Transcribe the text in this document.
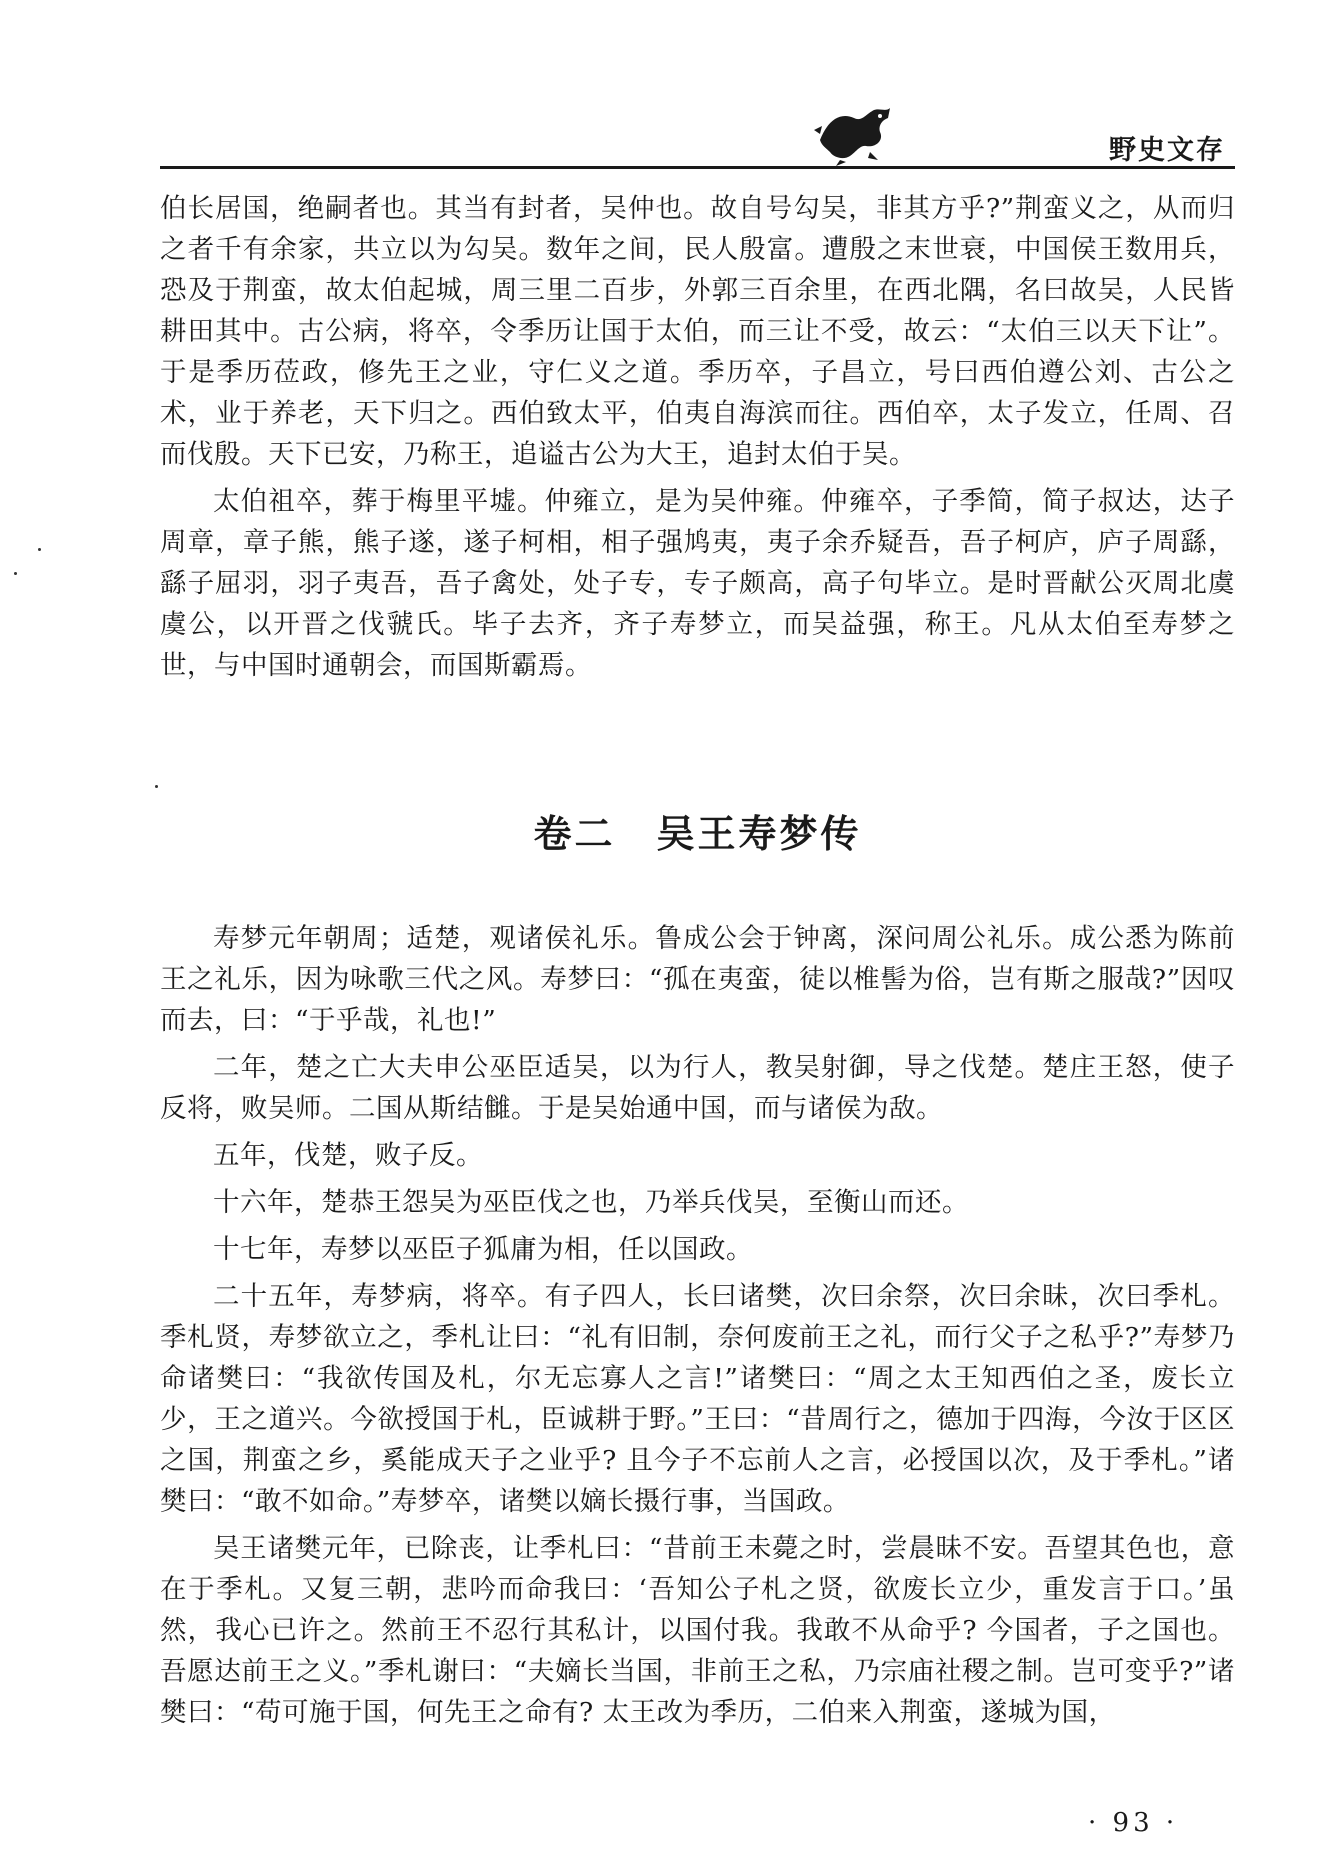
野史文存

伯长居国，绝嗣者也。其当有封者，吴仲也。故自号勾吴，非其方乎?”荆蛮义之，从而归之者千有余家，共立以为勾吴。数年之间，民人殷富。遭殷之末世衰，中国侯王数用兵，恐及于荆蛮，故太伯起城，周三里二百步，外郭三百余里，在西北隅，名曰故吴，人民皆耕田其中。古公病，将卒，令季历让国于太伯，而三让不受，故云：“太伯三以天下让”。于是季历莅政，修先王之业，守仁义之道。季历卒，子昌立，号曰西伯遵公刘、古公之术，业于养老，天下归之。西伯致太平，伯夷自海滨而往。西伯卒，太子发立，任周、召而伐殷。天下已安，乃称王，追谥古公为大王，追封太伯于吴。

太伯祖卒，葬于梅里平墟。仲雍立，是为吴仲雍。仲雍卒，子季简，简子叔达，达子周章，章子熊，熊子遂，遂子柯相，相子强鸠夷，夷子余乔疑吾，吾子柯庐，庐子周繇，繇子屈羽，羽子夷吾，吾子禽处，处子专，专子颇高，高子句毕立。是时晋献公灭周北虞虞公，以开晋之伐虢氏。毕子去齐，齐子寿梦立，而吴益强，称王。凡从太伯至寿梦之世，与中国时通朝会，而国斯霸焉。

卷二　吴王寿梦传

寿梦元年朝周；适楚，观诸侯礼乐。鲁成公会于钟离，深问周公礼乐。成公悉为陈前王之礼乐，因为咏歌三代之风。寿梦曰：“孤在夷蛮，徒以椎髻为俗，岂有斯之服哉?”因叹而去，曰：“于乎哉，礼也!”

二年，楚之亡大夫申公巫臣适吴，以为行人，教吴射御，导之伐楚。楚庄王怒，使子反将，败吴师。二国从斯结雠。于是吴始通中国，而与诸侯为敌。

五年，伐楚，败子反。

十六年，楚恭王怨吴为巫臣伐之也，乃举兵伐吴，至衡山而还。

十七年，寿梦以巫臣子狐庸为相，任以国政。

二十五年，寿梦病，将卒。有子四人，长曰诸樊，次曰余祭，次曰余昧，次曰季札。季札贤，寿梦欲立之，季札让曰：“礼有旧制，奈何废前王之礼，而行父子之私乎?”寿梦乃命诸樊曰：“我欲传国及札，尔无忘寡人之言!”诸樊曰：“周之太王知西伯之圣，废长立少，王之道兴。今欲授国于札，臣诚耕于野。”王曰：“昔周行之，德加于四海，今汝于区区之国，荆蛮之乡，奚能成天子之业乎? 且今子不忘前人之言，必授国以次，及于季札。”诸樊曰：“敢不如命。”寿梦卒，诸樊以嫡长摄行事，当国政。

吴王诸樊元年，已除丧，让季札曰：“昔前王未薨之时，尝晨昧不安。吾望其色也，意在于季札。又复三朝，悲吟而命我曰：‘吾知公子札之贤，欲废长立少，重发言于口。’虽然，我心已许之。然前王不忍行其私计，以国付我。我敢不从命乎? 今国者，子之国也。吾愿达前王之义。”季札谢曰：“夫嫡长当国，非前王之私，乃宗庙社稷之制。岂可变乎?”诸樊曰：“苟可施于国，何先王之命有? 太王改为季历，二伯来入荆蛮，遂城为国，

· 93 ·
